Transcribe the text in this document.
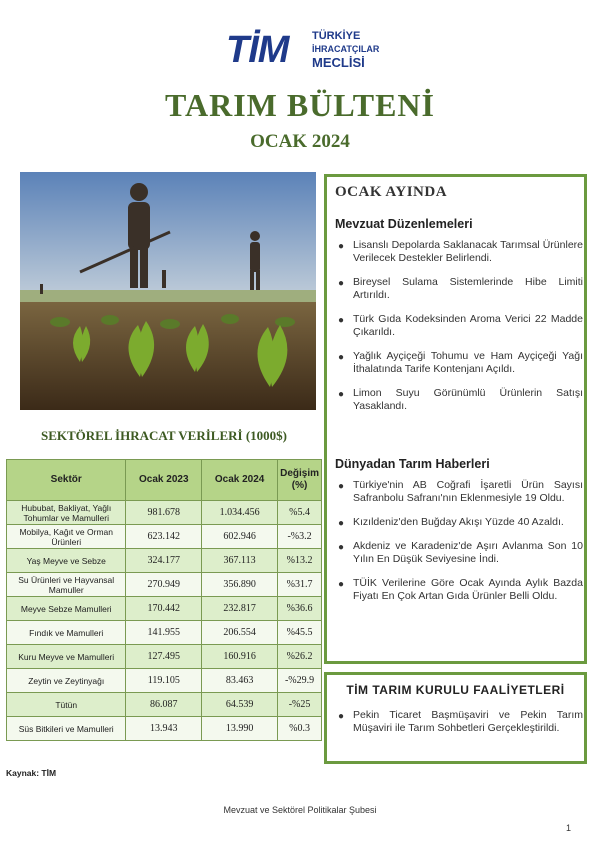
TİM TÜRKİYE
İHRACATÇILAR
MECLİSİ
TARIM BÜLTENİ
OCAK 2024
SEKTÖREL İHRACAT VERİLERİ (1000$)
Sektör	Ocak 2023	Ocak 2024	Değişim (%)
Hububat, Bakliyat, Yağlı Tohumlar ve Mamulleri	981.678	1.034.456	%5.4
Mobilya, Kağıt ve Orman Ürünleri	623.142	602.946	-%3.2
Yaş Meyve ve Sebze	324.177	367.113	%13.2
Su Ürünleri ve Hayvansal Mamuller	270.949	356.890	%31.7
Meyve Sebze Mamulleri	170.442	232.817	%36.6
Fındık ve Mamulleri	141.955	206.554	%45.5
Kuru Meyve ve Mamulleri	127.495	160.916	%26.2
Zeytin ve Zeytinyağı	119.105	83.463	-%29.9
Tütün	86.087	64.539	-%25
Süs Bitkileri ve Mamulleri	13.943	13.990	%0.3
Kaynak: TİM
OCAK AYINDA
Mevzuat Düzenlemeleri
● Lisanslı Depolarda Saklanacak Tarımsal Ürünlere Verilecek Destekler Belirlendi.
● Bireysel Sulama Sistemlerinde Hibe Limiti Artırıldı.
● Türk Gıda Kodeksinden Aroma Verici 22 Madde Çıkarıldı.
● Yağlık Ayçiçeği Tohumu ve Ham Ayçiçeği Yağı İthalatında Tarife Kontenjanı Açıldı.
● Limon Suyu Görünümlü Ürünlerin Satışı Yasaklandı.
Dünyadan Tarım Haberleri
● Türkiye'nin AB Coğrafi İşaretli Ürün Sayısı Safranbolu Safranı'nın Eklenmesiyle 19 Oldu.
● Kızıldeniz'den Buğday Akışı Yüzde 40 Azaldı.
● Akdeniz ve Karadeniz'de Aşırı Avlanma Son 10 Yılın En Düşük Seviyesine İndi.
● TÜİK Verilerine Göre Ocak Ayında Aylık Bazda Fiyatı En Çok Artan Gıda Ürünler Belli Oldu.
TİM TARIM KURULU FAALİYETLERİ
● Pekin Ticaret Başmüşaviri ve Pekin Tarım Müşaviri ile Tarım Sohbetleri Gerçekleştirildi.
Mevzuat ve Sektörel Politikalar Şubesi
1
